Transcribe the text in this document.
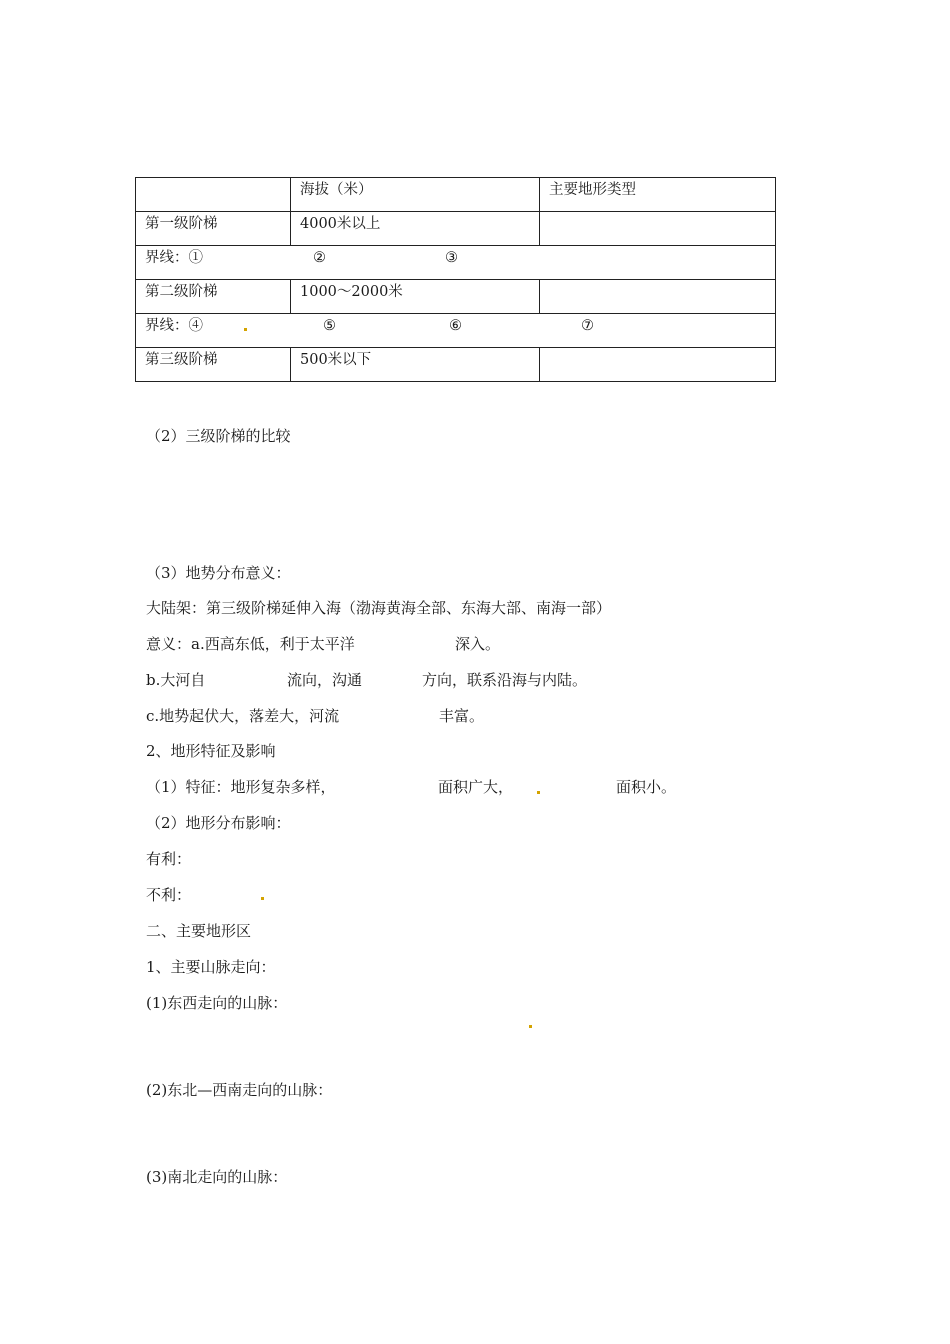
	海拔（米）	主要地形类型
第一级阶梯	4000米以上	
界线：① ② ③		

第二级阶梯	1000～2000米	
界线：④ ⑤ ⑥ ⑦		

第三级阶梯	500米以下	
（2）三级阶梯的比较
（3）地势分布意义：
大陆架：第三级阶梯延伸入海（渤海黄海全部、东海大部、南海一部）
意义：a.西高东低，利于太平洋	深入。
b.大河自	流向，沟通	方向，联系沿海与内陆。
c.地势起伏大，落差大，河流	丰富。
2、地形特征及影响
（1）特征：地形复杂多样，	面积广大，	面积小。
（2）地形分布影响：
有利：
不利：
二、主要地形区
1、主要山脉走向：
(1)东西走向的山脉：
(2)东北—西南走向的山脉：
(3)南北走向的山脉：
